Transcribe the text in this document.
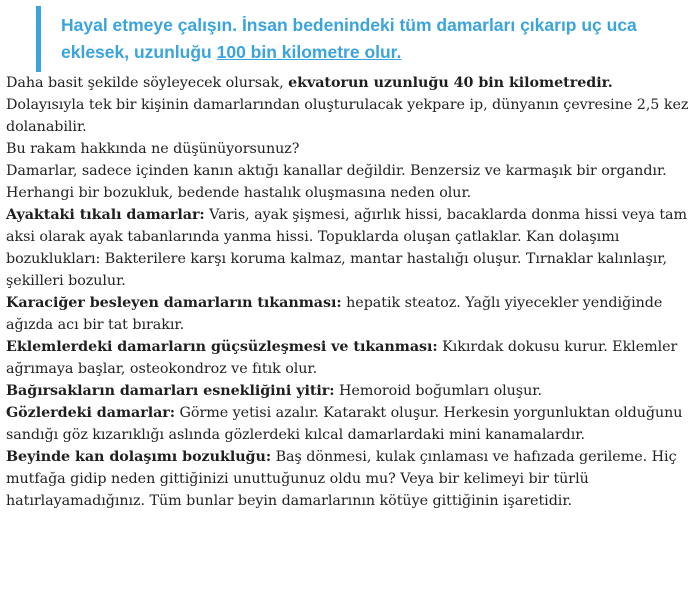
Hayal etmeye çalışın. İnsan bedenindeki tüm damarları çıkarıp uç uca eklesek, uzunluğu 100 bin kilometre olur.

Daha basit şekilde söyleyecek olursak, ekvatorun uzunluğu 40 bin kilometredir. Dolayısıyla tek bir kişinin damarlarından oluşturulacak yekpare ip, dünyanın çevresine 2,5 kez dolanabilir.

Bu rakam hakkında ne düşünüyorsunuz?

Damarlar, sadece içinden kanın aktığı kanallar değildir. Benzersiz ve karmaşık bir organdır. Herhangi bir bozukluk, bedende hastalık oluşmasına neden olur.

Ayaktaki tıkalı damarlar: Varis, ayak şişmesi, ağırlık hissi, bacaklarda donma hissi veya tam aksi olarak ayak tabanlarında yanma hissi. Topuklarda oluşan çatlaklar. Kan dolaşımı bozuklukları: Bakterilere karşı koruma kalmaz, mantar hastalığı oluşur. Tırnaklar kalınlaşır, şekilleri bozulur.

Karaciğer besleyen damarların tıkanması: hepatik steatoz. Yağlı yiyecekler yendiğinde ağızda acı bir tat bırakır.

Eklemlerdeki damarların güçsüzleşmesi ve tıkanması: Kıkırdak dokusu kurur. Eklemler ağrımaya başlar, osteokondroz ve fıtık olur.

Bağırsakların damarları esnekliğini yitir: Hemoroid boğumları oluşur.

Gözlerdeki damarlar: Görme yetisi azalır. Katarakt oluşur. Herkesin yorgunluktan olduğunu sandığı göz kızarıklığı aslında gözlerdeki kılcal damarlardaki mini kanamalardır.

Beyinde kan dolaşımı bozukluğu: Baş dönmesi, kulak çınlaması ve hafızada gerileme. Hiç mutfağa gidip neden gittiğinizi unuttuğunuz oldu mu? Veya bir kelimeyi bir türlü hatırlayamadığınız. Tüm bunlar beyin damarlarının kötüye gittiğinin işaretidir.
